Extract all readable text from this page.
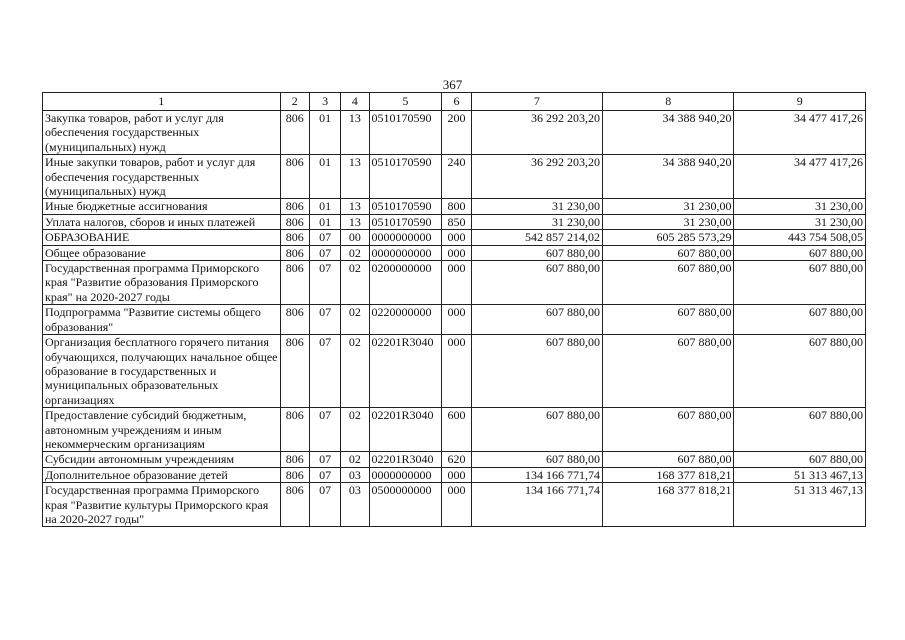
367
1	2	3	4	5	6	7	8	9
Закупка товаров, работ и услуг для обеспечения государственных (муниципальных) нужд	806	01	13	0510170590	200	36 292 203,20	34 388 940,20	34 477 417,26
Иные закупки товаров, работ и услуг для обеспечения государственных (муниципальных) нужд	806	01	13	0510170590	240	36 292 203,20	34 388 940,20	34 477 417,26
Иные бюджетные ассигнования	806	01	13	0510170590	800	31 230,00	31 230,00	31 230,00
Уплата налогов, сборов и иных платежей	806	01	13	0510170590	850	31 230,00	31 230,00	31 230,00
ОБРАЗОВАНИЕ	806	07	00	0000000000	000	542 857 214,02	605 285 573,29	443 754 508,05
Общее образование	806	07	02	0000000000	000	607 880,00	607 880,00	607 880,00
Государственная программа Приморского края "Развитие образования Приморского края" на 2020-2027 годы	806	07	02	0200000000	000	607 880,00	607 880,00	607 880,00
Подпрограмма "Развитие системы общего образования"	806	07	02	0220000000	000	607 880,00	607 880,00	607 880,00
Организация бесплатного горячего питания обучающихся, получающих начальное общее образование в государственных и муниципальных образовательных организациях	806	07	02	02201R3040	000	607 880,00	607 880,00	607 880,00
Предоставление субсидий бюджетным, автономным учреждениям и иным некоммерческим организациям	806	07	02	02201R3040	600	607 880,00	607 880,00	607 880,00
Субсидии автономным учреждениям	806	07	02	02201R3040	620	607 880,00	607 880,00	607 880,00
Дополнительное образование детей	806	07	03	0000000000	000	134 166 771,74	168 377 818,21	51 313 467,13
Государственная программа Приморского края "Развитие культуры Приморского края на 2020-2027 годы"	806	07	03	0500000000	000	134 166 771,74	168 377 818,21	51 313 467,13
